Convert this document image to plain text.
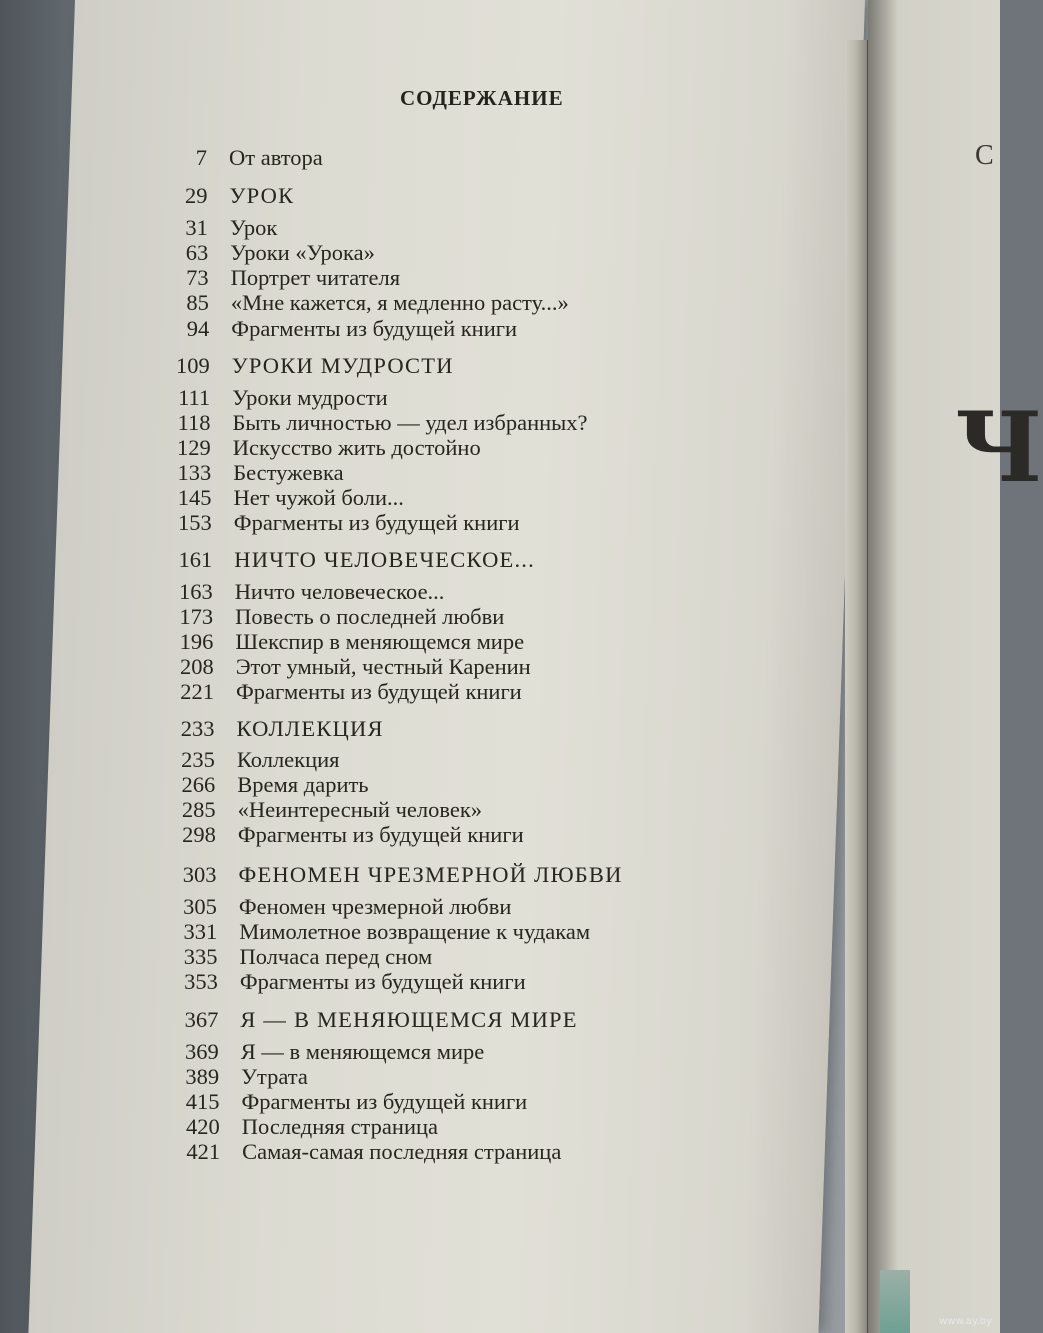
С
Ч
СОДЕРЖАНИЕ
7 От автора
29 УРОК
31 Урок
63 Уроки «Урока»
73 Портрет читателя
85 «Мне кажется, я медленно расту...»
94 Фрагменты из будущей книги
109 УРОКИ МУДРОСТИ
111 Уроки мудрости
118 Быть личностью — удел избранных?
129 Искусство жить достойно
133 Бестужевка
145 Нет чужой боли...
153 Фрагменты из будущей книги
161 НИЧТО ЧЕЛОВЕЧЕСКОЕ...
163 Ничто человеческое...
173 Повесть о последней любви
196 Шекспир в меняющемся мире
208 Этот умный, честный Каренин
221 Фрагменты из будущей книги
233 КОЛЛЕКЦИЯ
235 Коллекция
266 Время дарить
285 «Неинтересный человек»
298 Фрагменты из будущей книги
303 ФЕНОМЕН ЧРЕЗМЕРНОЙ ЛЮБВИ
305 Феномен чрезмерной любви
331 Мимолетное возвращение к чудакам
335 Полчаса перед сном
353 Фрагменты из будущей книги
367 Я — В МЕНЯЮЩЕМСЯ МИРЕ
369 Я — в меняющемся мире
389 Утрата
415 Фрагменты из будущей книги
420 Последняя страница
421 Самая-самая последняя страница
www.ay.by
